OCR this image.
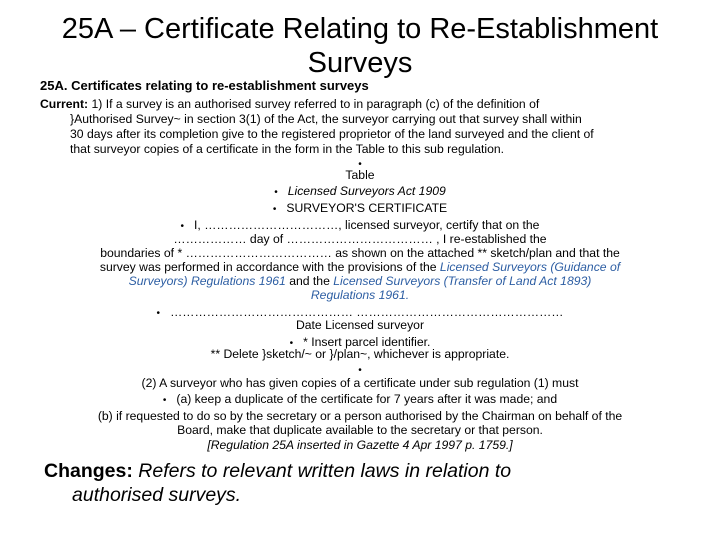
25A – Certificate Relating to Re-Establishment Surveys
25A. Certificates relating to re-establishment surveys
Current: 1) If a survey is an authorised survey referred to in paragraph (c) of the definition of
}Authorised Survey~ in section 3(1) of the Act, the surveyor carrying out that survey shall within
30 days after its completion give to the registered proprietor of the land surveyed and the client of
that surveyor copies of a certificate in the form in the Table to this sub regulation.
•
Table
• Licensed Surveyors Act 1909
• SURVEYOR'S CERTIFICATE
• I, ……………………………, licensed surveyor, certify that on the
……………… day of ……………………………… , I re-established the
boundaries of * ……………………………… as shown on the attached ** sketch/plan and that the
survey was performed in accordance with the provisions of the Licensed Surveyors (Guidance of
Surveyors) Regulations 1961 and the Licensed Surveyors (Transfer of Land Act 1893)
Regulations 1961.
• ……………………………………… ……………………………………………
Date Licensed surveyor
• * Insert parcel identifier.
** Delete }sketch/~ or }/plan~, whichever is appropriate.
•
(2) A surveyor who has given copies of a certificate under sub regulation (1) must
• (a) keep a duplicate of the certificate for 7 years after it was made; and
(b) if requested to do so by the secretary or a person authorised by the Chairman on behalf of the
Board, make that duplicate available to the secretary or that person.
[Regulation 25A inserted in Gazette 4 Apr 1997 p. 1759.]
Changes: Refers to relevant written laws in relation to
authorised surveys.
